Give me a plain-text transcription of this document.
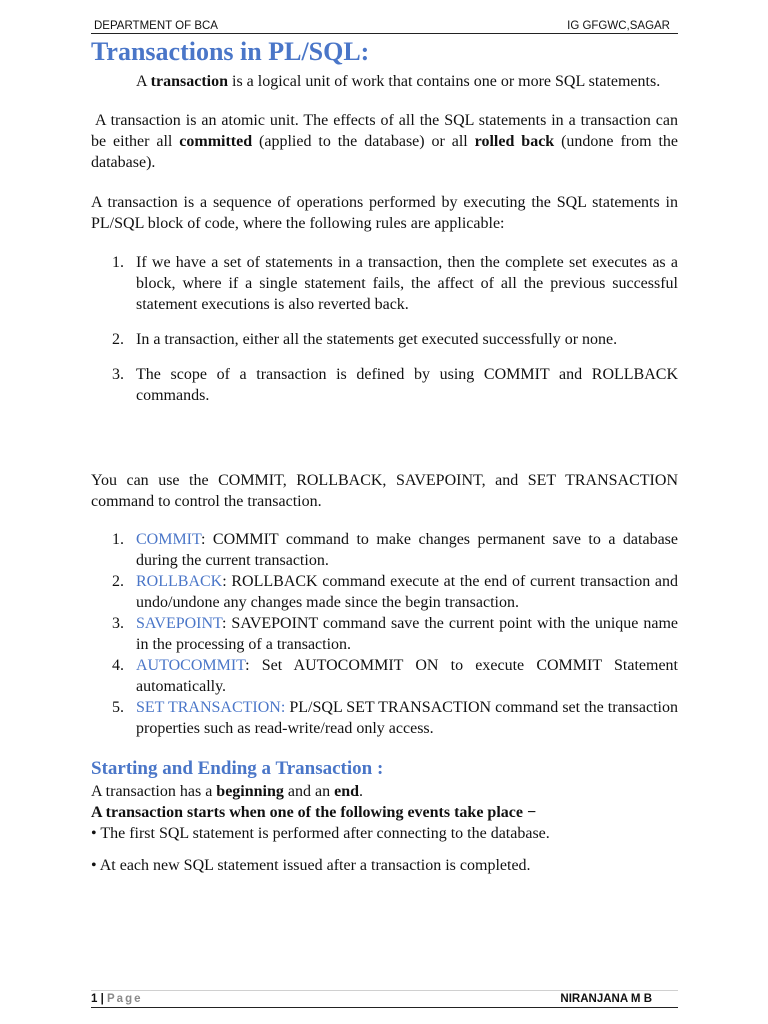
DEPARTMENT OF BCA	IG GFGWC,SAGAR
Transactions in PL/SQL:

A transaction is a logical unit of work that contains one or more SQL statements.

A transaction is an atomic unit. The effects of all the SQL statements in a transaction can be either all committed (applied to the database) or all rolled back (undone from the database).

A transaction is a sequence of operations performed by executing the SQL statements in PL/SQL block of code, where the following rules are applicable:

1. If we have a set of statements in a transaction, then the complete set executes as a block, where if a single statement fails, the affect of all the previous successful statement executions is also reverted back.
2. In a transaction, either all the statements get executed successfully or none.
3. The scope of a transaction is defined by using COMMIT and ROLLBACK commands.

You can use the COMMIT, ROLLBACK, SAVEPOINT, and SET TRANSACTION command to control the transaction.

1. COMMIT: COMMIT command to make changes permanent save to a database during the current transaction.
2. ROLLBACK: ROLLBACK command execute at the end of current transaction and undo/undone any changes made since the begin transaction.
3. SAVEPOINT: SAVEPOINT command save the current point with the unique name in the processing of a transaction.
4. AUTOCOMMIT: Set AUTOCOMMIT ON to execute COMMIT Statement automatically.
5. SET TRANSACTION: PL/SQL SET TRANSACTION command set the transaction properties such as read-write/read only access.
Starting and Ending a Transaction :

A transaction has a beginning and an end.

A transaction starts when one of the following events take place −

• The first SQL statement is performed after connecting to the database.

• At each new SQL statement issued after a transaction is completed.

1 | Page	NIRANJANA M B
